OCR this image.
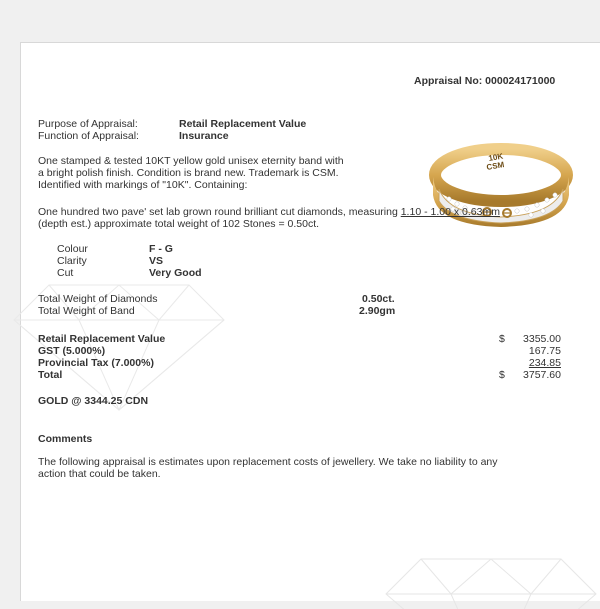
10K
CSM
Appraisal No: 000024171000
Purpose of Appraisal:	Retail Replacement Value
Function of Appraisal:	Insurance
One stamped & tested 10KT yellow gold unisex eternity band with
a bright polish finish. Condition is brand new. Trademark is CSM.
Identified with markings of "10K". Containing:
One hundred two pave' set lab grown round brilliant cut diamonds, measuring 1.10 - 1.00 x 0.63mm
(depth est.) approximate total weight of 102 Stones = 0.50ct.
Colour	F - G
Clarity	VS
Cut	Very Good
Total Weight of Diamonds	0.50ct.
Total Weight of Band	2.90gm
Retail Replacement Value	$	3355.00
GST (5.000%)	167.75
Provincial Tax (7.000%)	234.85
Total	$	3757.60
GOLD @ 3344.25 CDN
Comments
The following appraisal is estimates upon replacement costs of jewellery. We take no liability to any
action that could be taken.
